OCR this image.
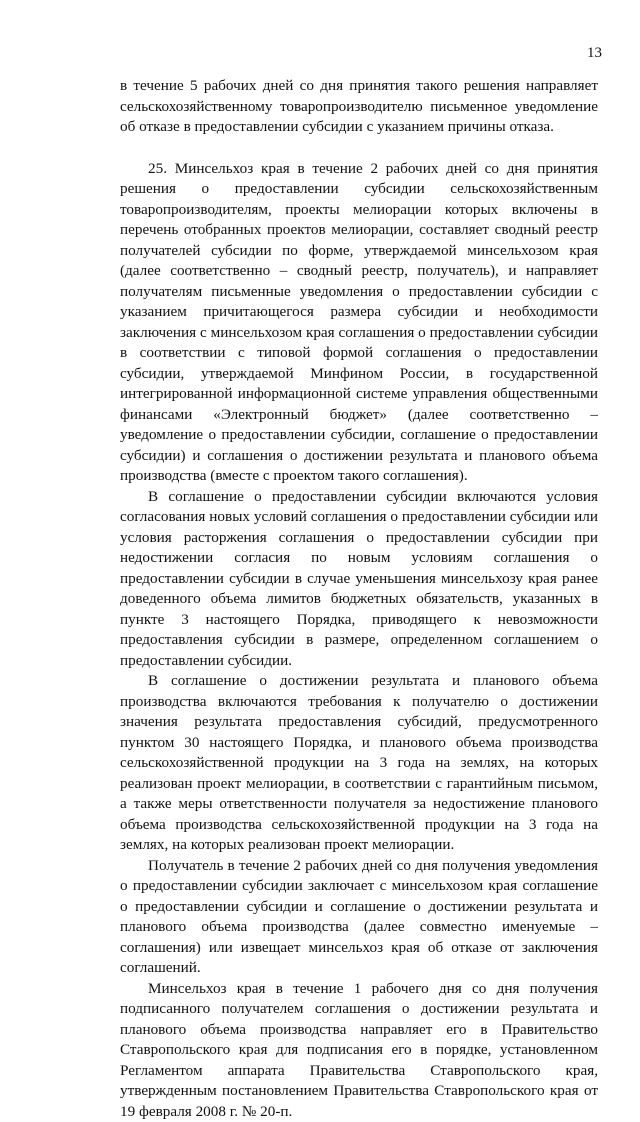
13

в течение 5 рабочих дней со дня принятия такого решения направляет сельскохозяйственному товаропроизводителю письменное уведомление об отказе в предоставлении субсидии с указанием причины отказа.

25. Минсельхоз края в течение 2 рабочих дней со дня принятия решения о предоставлении субсидии сельскохозяйственным товаропроизводителям, проекты мелиорации которых включены в перечень отобранных проектов мелиорации, составляет сводный реестр получателей субсидии по форме, утверждаемой минсельхозом края (далее соответственно – сводный реестр, получатель), и направляет получателям письменные уведомления о предоставлении субсидии с указанием причитающегося размера субсидии и необходимости заключения с минсельхозом края соглашения о предоставлении субсидии в соответствии с типовой формой соглашения о предоставлении субсидии, утверждаемой Минфином России, в государственной интегрированной информационной системе управления общественными финансами «Электронный бюджет» (далее соответственно – уведомление о предоставлении субсидии, соглашение о предоставлении субсидии) и соглашения о достижении результата и планового объема производства (вместе с проектом такого соглашения).

В соглашение о предоставлении субсидии включаются условия согласования новых условий соглашения о предоставлении субсидии или условия расторжения соглашения о предоставлении субсидии при недостижении согласия по новым условиям соглашения о предоставлении субсидии в случае уменьшения минсельхозу края ранее доведенного объема лимитов бюджетных обязательств, указанных в пункте 3 настоящего Порядка, приводящего к невозможности предоставления субсидии в размере, определенном соглашением о предоставлении субсидии.

В соглашение о достижении результата и планового объема производства включаются требования к получателю о достижении значения результата предоставления субсидий, предусмотренного пунктом 30 настоящего Порядка, и планового объема производства сельскохозяйственной продукции на 3 года на землях, на которых реализован проект мелиорации, в соответствии с гарантийным письмом, а также меры ответственности получателя за недостижение планового объема производства сельскохозяйственной продукции на 3 года на землях, на которых реализован проект мелиорации.

Получатель в течение 2 рабочих дней со дня получения уведомления о предоставлении субсидии заключает с минсельхозом края соглашение о предоставлении субсидии и соглашение о достижении результата и планового объема производства (далее совместно именуемые – соглашения) или извещает минсельхоз края об отказе от заключения соглашений.

Минсельхоз края в течение 1 рабочего дня со дня получения подписанного получателем соглашения о достижении результата и планового объема производства направляет его в Правительство Ставропольского края для подписания его в порядке, установленном Регламентом аппарата Правительства Ставропольского края, утвержденным постановлением Правительства Ставропольского края от 19 февраля 2008 г. № 20-п.
